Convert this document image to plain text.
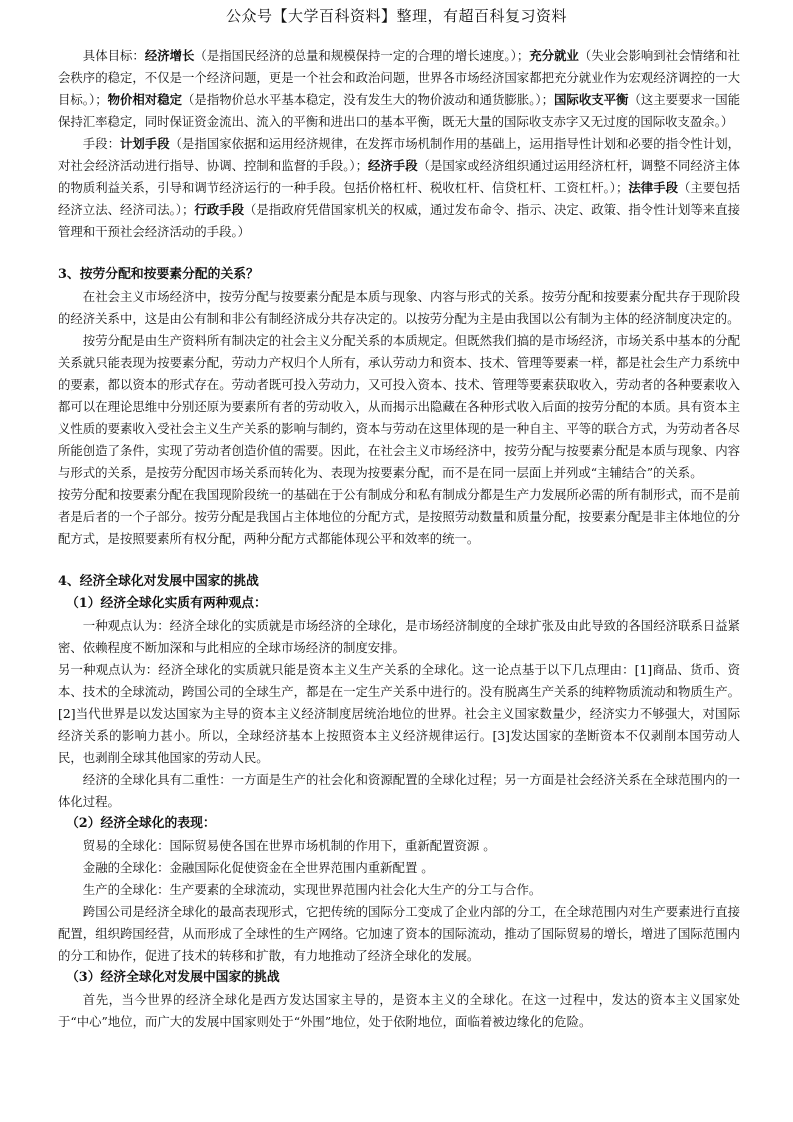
公众号【大学百科资料】整理，有超百科复习资料

具体目标：经济增长（是指国民经济的总量和规模保持一定的合理的增长速度。）；充分就业（失业会影响到社会情绪和社会秩序的稳定，不仅是一个经济问题，更是一个社会和政治问题，世界各市场经济国家都把充分就业作为宏观经济调控的一大目标。）；物价相对稳定（是指物价总水平基本稳定，没有发生大的物价波动和通货膨胀。）；国际收支平衡（这主要要求一国能保持汇率稳定，同时保证资金流出、流入的平衡和进出口的基本平衡，既无大量的国际收支赤字又无过度的国际收支盈余。）

手段：计划手段（是指国家依据和运用经济规律，在发挥市场机制作用的基础上，运用指导性计划和必要的指令性计划，对社会经济活动进行指导、协调、控制和监督的手段。）；经济手段（是国家或经济组织通过运用经济杠杆，调整不同经济主体的物质利益关系，引导和调节经济运行的一种手段。包括价格杠杆、税收杠杆、信贷杠杆、工资杠杆。）；法律手段（主要包括经济立法、经济司法。）；行政手段（是指政府凭借国家机关的权威，通过发布命令、指示、决定、政策、指令性计划等来直接管理和干预社会经济活动的手段。）

3、按劳分配和按要素分配的关系？

在社会主义市场经济中，按劳分配与按要素分配是本质与现象、内容与形式的关系。按劳分配和按要素分配共存于现阶段的经济关系中，这是由公有制和非公有制经济成分共存决定的。以按劳分配为主是由我国以公有制为主体的经济制度决定的。

按劳分配是由生产资料所有制决定的社会主义分配关系的本质规定。但既然我们搞的是市场经济，市场关系中基本的分配关系就只能表现为按要素分配，劳动力产权归个人所有，承认劳动力和资本、技术、管理等要素一样，都是社会生产力系统中的要素，都以资本的形式存在。劳动者既可投入劳动力，又可投入资本、技术、管理等要素获取收入，劳动者的各种要素收入都可以在理论思维中分别还原为要素所有者的劳动收入，从而揭示出隐藏在各种形式收入后面的按劳分配的本质。具有资本主义性质的要素收入受社会主义生产关系的影响与制约，资本与劳动在这里体现的是一种自主、平等的联合方式，为劳动者各尽所能创造了条件，实现了劳动者创造价值的需要。因此，在社会主义市场经济中，按劳分配与按要素分配是本质与现象、内容与形式的关系，是按劳分配因市场关系而转化为、表现为按要素分配，而不是在同一层面上并列或“主辅结合”的关系。

按劳分配和按要素分配在我国现阶段统一的基础在于公有制成分和私有制成分都是生产力发展所必需的所有制形式，而不是前者是后者的一个子部分。按劳分配是我国占主体地位的分配方式，是按照劳动数量和质量分配，按要素分配是非主体地位的分配方式，是按照要素所有权分配，两种分配方式都能体现公平和效率的统一。

4、经济全球化对发展中国家的挑战

（1）经济全球化实质有两种观点：

一种观点认为：经济全球化的实质就是市场经济的全球化，是市场经济制度的全球扩张及由此导致的各国经济联系日益紧密、依赖程度不断加深和与此相应的全球市场经济的制度安排。

另一种观点认为：经济全球化的实质就只能是资本主义生产关系的全球化。这一论点基于以下几点理由：[1]商品、货币、资本、技术的全球流动，跨国公司的全球生产，都是在一定生产关系中进行的。没有脱离生产关系的纯粹物质流动和物质生产。[2]当代世界是以发达国家为主导的资本主义经济制度居统治地位的世界。社会主义国家数量少，经济实力不够强大，对国际经济关系的影响力甚小。所以，全球经济基本上按照资本主义经济规律运行。[3]发达国家的垄断资本不仅剥削本国劳动人民，也剥削全球其他国家的劳动人民。

经济的全球化具有二重性：一方面是生产的社会化和资源配置的全球化过程；另一方面是社会经济关系在全球范围内的一体化过程。

（2）经济全球化的表现：

贸易的全球化：国际贸易使各国在世界市场机制的作用下，重新配置资源 。

金融的全球化：金融国际化促使资金在全世界范围内重新配置 。

生产的全球化：生产要素的全球流动，实现世界范围内社会化大生产的分工与合作。

跨国公司是经济全球化的最高表现形式，它把传统的国际分工变成了企业内部的分工，在全球范围内对生产要素进行直接配置，组织跨国经营，从而形成了全球性的生产网络。它加速了资本的国际流动，推动了国际贸易的增长，增进了国际范围内的分工和协作，促进了技术的转移和扩散，有力地推动了经济全球化的发展。

（3）经济全球化对发展中国家的挑战

首先，当今世界的经济全球化是西方发达国家主导的，是资本主义的全球化。在这一过程中，发达的资本主义国家处于“中心”地位，而广大的发展中国家则处于“外围”地位，处于依附地位，面临着被边缘化的危险。
